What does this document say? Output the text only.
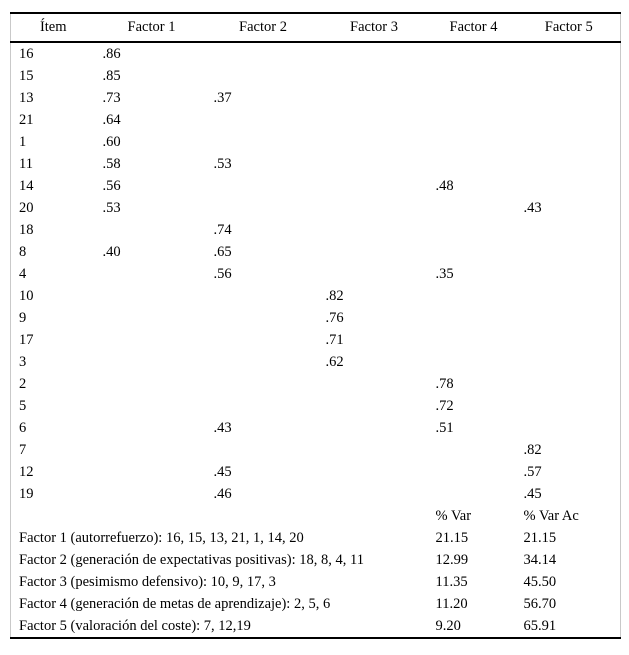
Ítem	Factor 1	Factor 2	Factor 3	Factor 4	Factor 5
16	.86				
15	.85				
13	.73	.37			
21	.64				
1	.60				
11	.58	.53			
14	.56			.48	
20	.53				.43
18		.74			
8	.40	.65			
4		.56		.35	
10			.82		
9			.76		
17			.71		
3			.62		
2				.78	
5				.72	
6		.43		.51	
7					.82
12		.45			.57
19		.46			.45
				% Var	% Var Ac
Factor 1 (autorrefuerzo): 16, 15, 13, 21, 1, 14, 20				21.15	21.15
Factor 2 (generación de expectativas positivas): 18, 8, 4, 11				12.99	34.14
Factor 3 (pesimismo defensivo): 10, 9, 17, 3				11.35	45.50
Factor 4 (generación de metas de aprendizaje): 2, 5, 6				11.20	56.70
Factor 5 (valoración del coste): 7, 12,19				9.20	65.91
